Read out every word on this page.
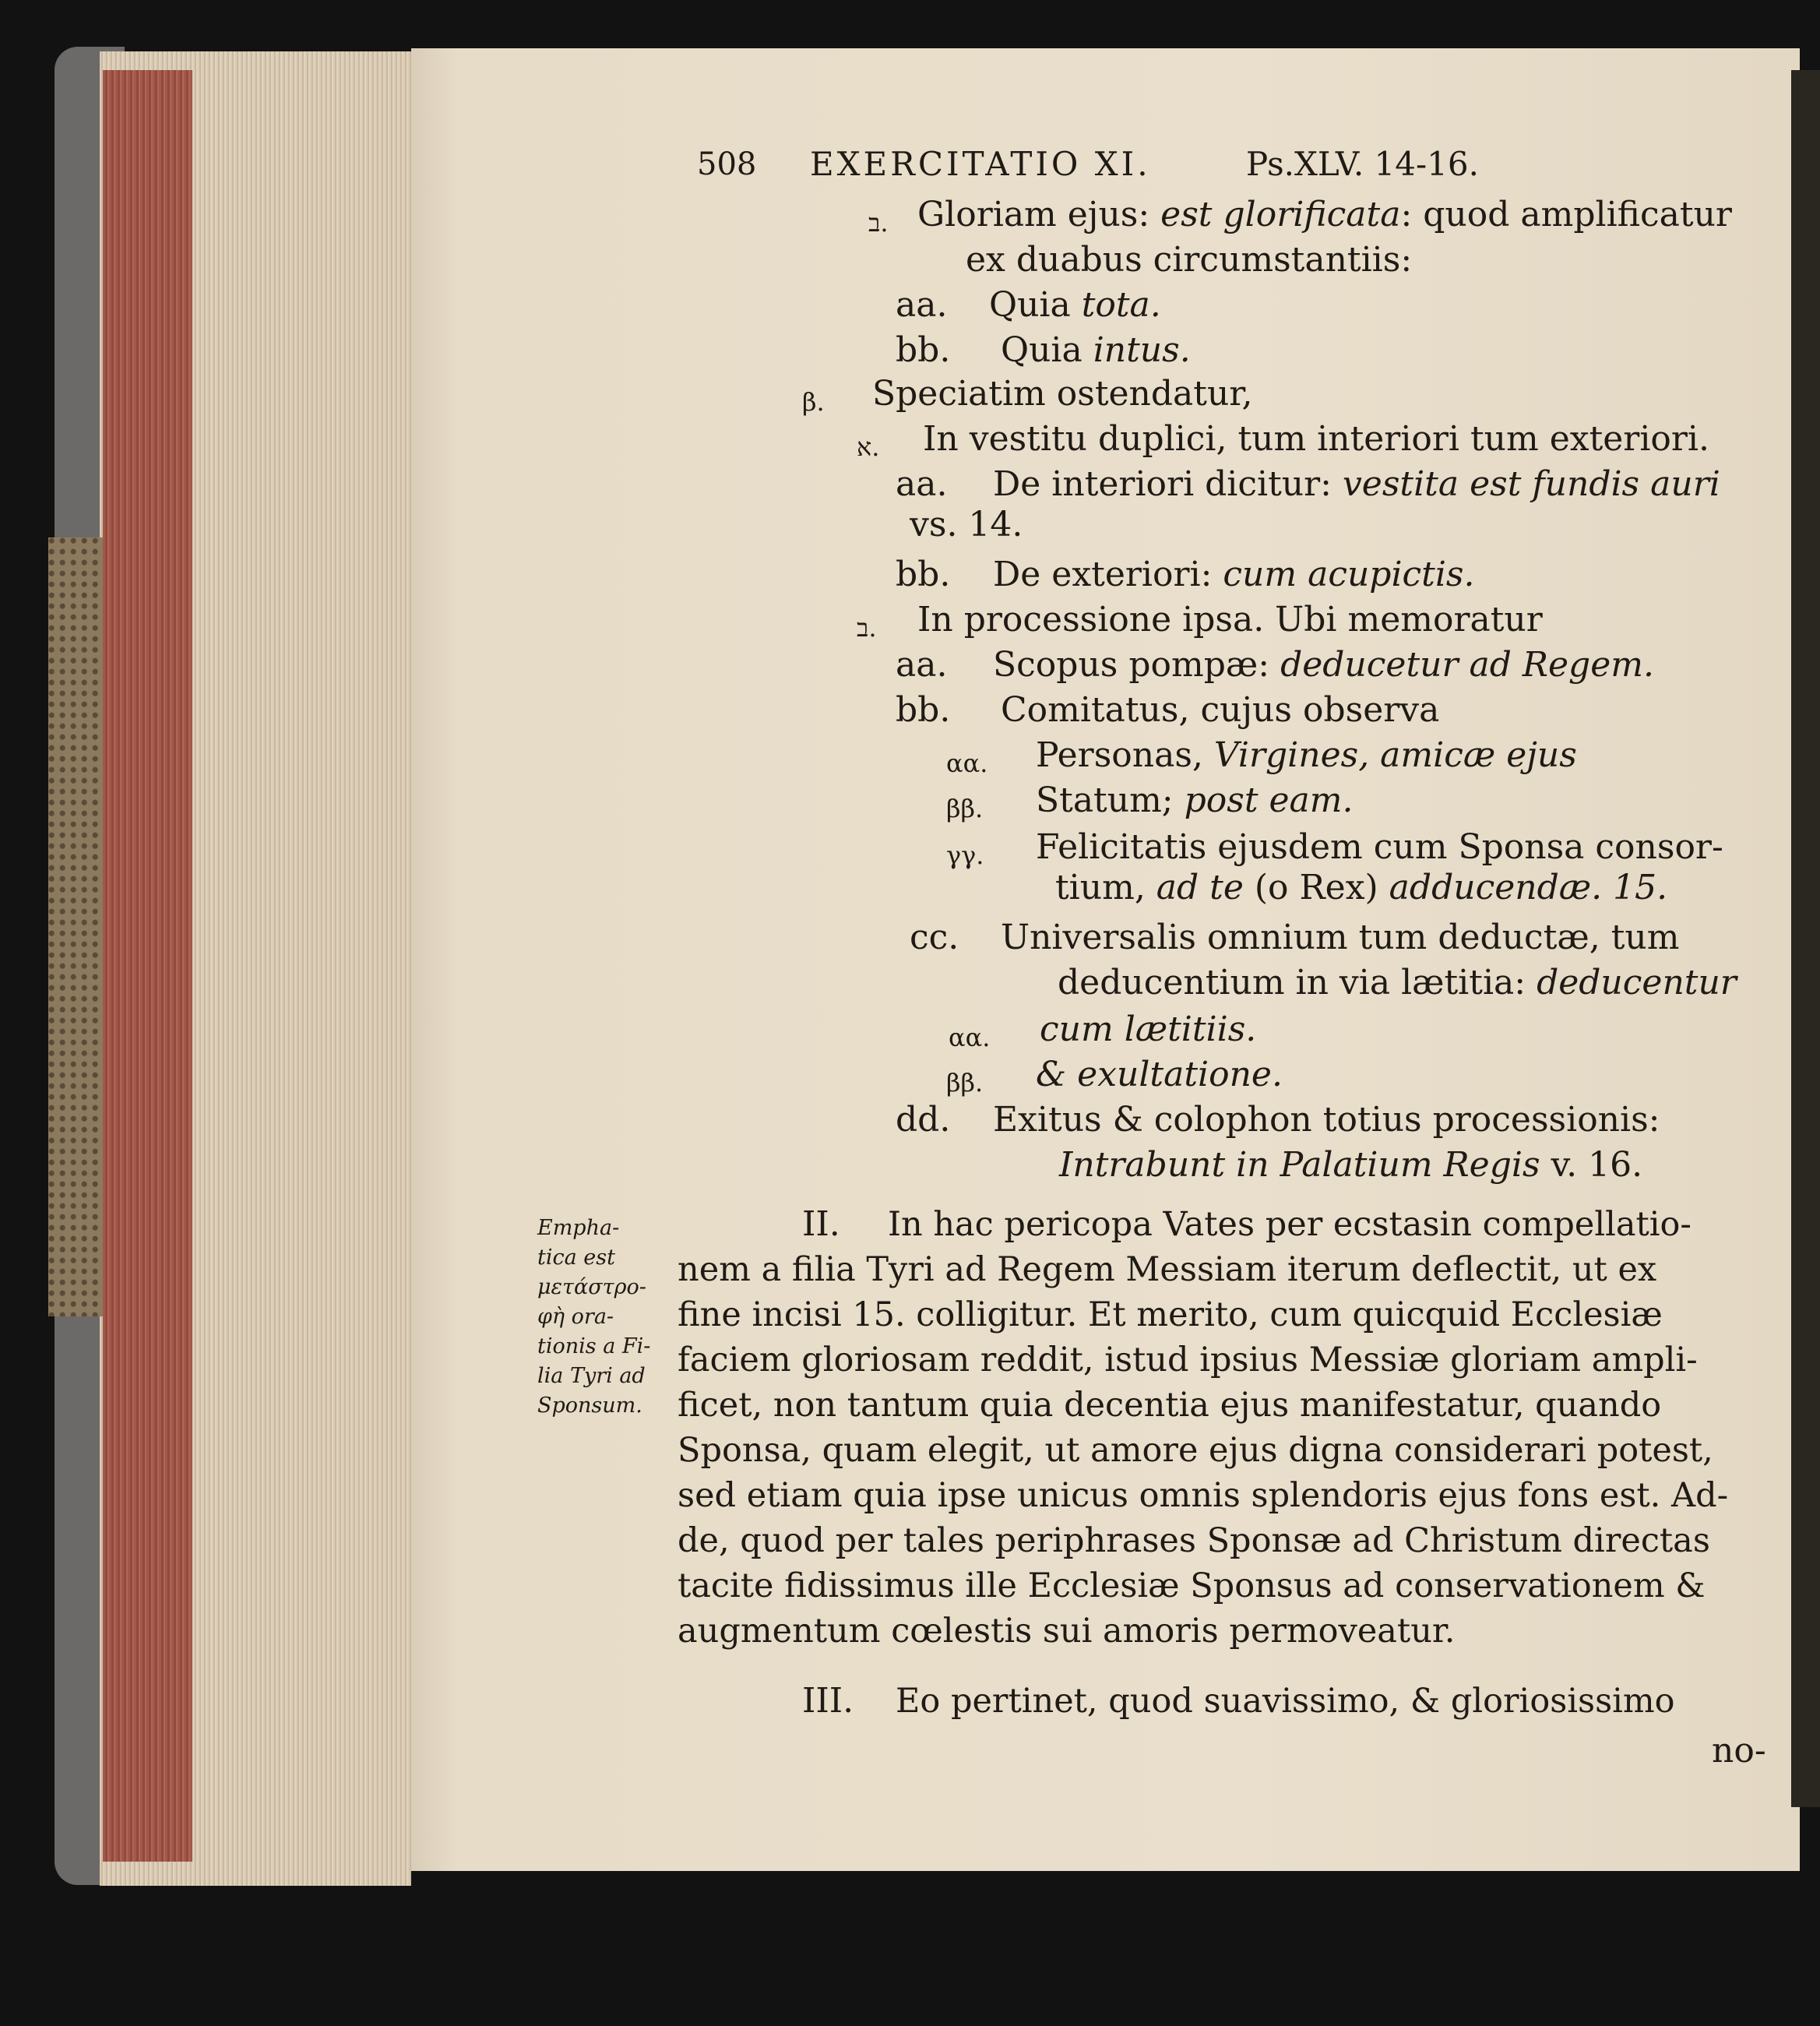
508 EXERCITATIO XI.	Ps.XLV. 14-16.
ב. Gloriam ejus: est glorificata: quod amplificatur
ex duabus circumstantiis:
aa. Quia tota.
bb. Quia intus.
β. Speciatim ostendatur,
א. In vestitu duplici, tum interiori tum exteriori.
aa. De interiori dicitur: vestita est fundis auri
vs. 14.
bb. De exteriori: cum acupictis.
ב. In processione ipsa. Ubi memoratur
aa. Scopus pompæ: deducetur ad Regem.
bb. Comitatus, cujus observa
αα. Personas, Virgines, amicæ ejus
ββ. Statum; post eam.
γγ. Felicitatis ejusdem cum Sponsa consor-
tium, ad te (o Rex) adducendæ. 15.
cc. Universalis omnium tum deductæ, tum
deducentium in via lætitia: deducentur
αα. cum lætitiis.
ββ. & exultatione.
dd. Exitus & colophon totius processionis:
Intrabunt in Palatium Regis v. 16.
Empha-
tica est
μετάστρο-
φὴ ora-
tionis a Fi-
lia Tyri ad
Sponsum.
II. In hac pericopa Vates per ecstasin compellatio-
nem a filia Tyri ad Regem Messiam iterum deflectit, ut ex
fine incisi 15. colligitur. Et merito, cum quicquid Ecclesiæ
faciem gloriosam reddit, istud ipsius Messiæ gloriam ampli-
ficet, non tantum quia decentia ejus manifestatur, quando
Sponsa, quam elegit, ut amore ejus digna considerari potest,
sed etiam quia ipse unicus omnis splendoris ejus fons est. Ad-
de, quod per tales periphrases Sponsæ ad Christum directas
tacite fidissimus ille Ecclesiæ Sponsus ad conservationem &
augmentum cœlestis sui amoris permoveatur.
III. Eo pertinet, quod suavissimo, & gloriosissimo
no-
